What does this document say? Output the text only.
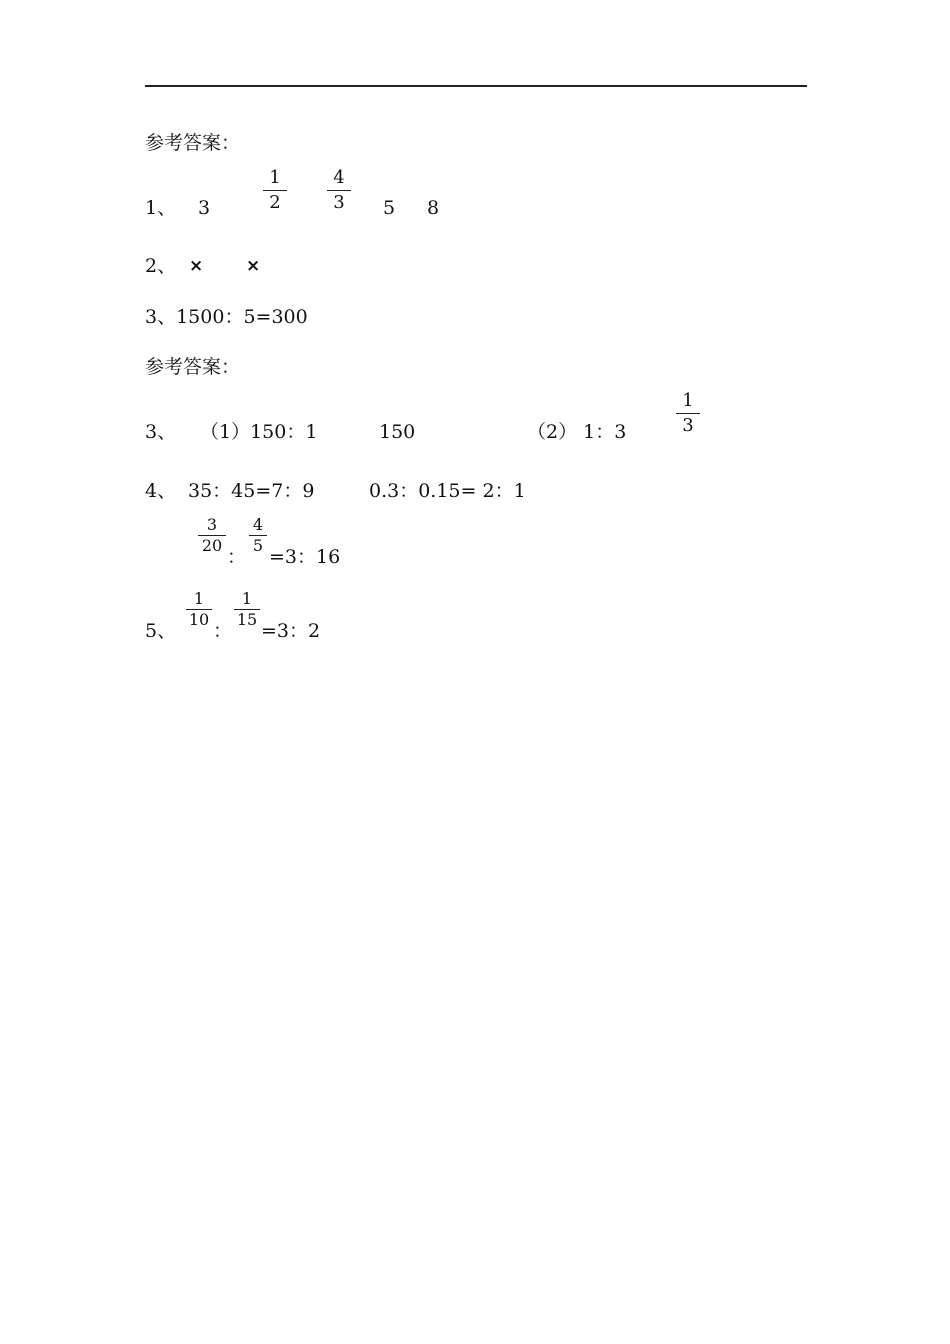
参考答案：
1、 3
1
2
4
3	5 8
2、 ×	×
3、1500：5=300
参考答案：
3、 （1）150：1	150	（2） 1：3
1
3
4、 35：45=7：9	0.3：0.15= 2：1
3
20
：
4
5
=3：16
5、
1
10
：
1
15
=3：2
